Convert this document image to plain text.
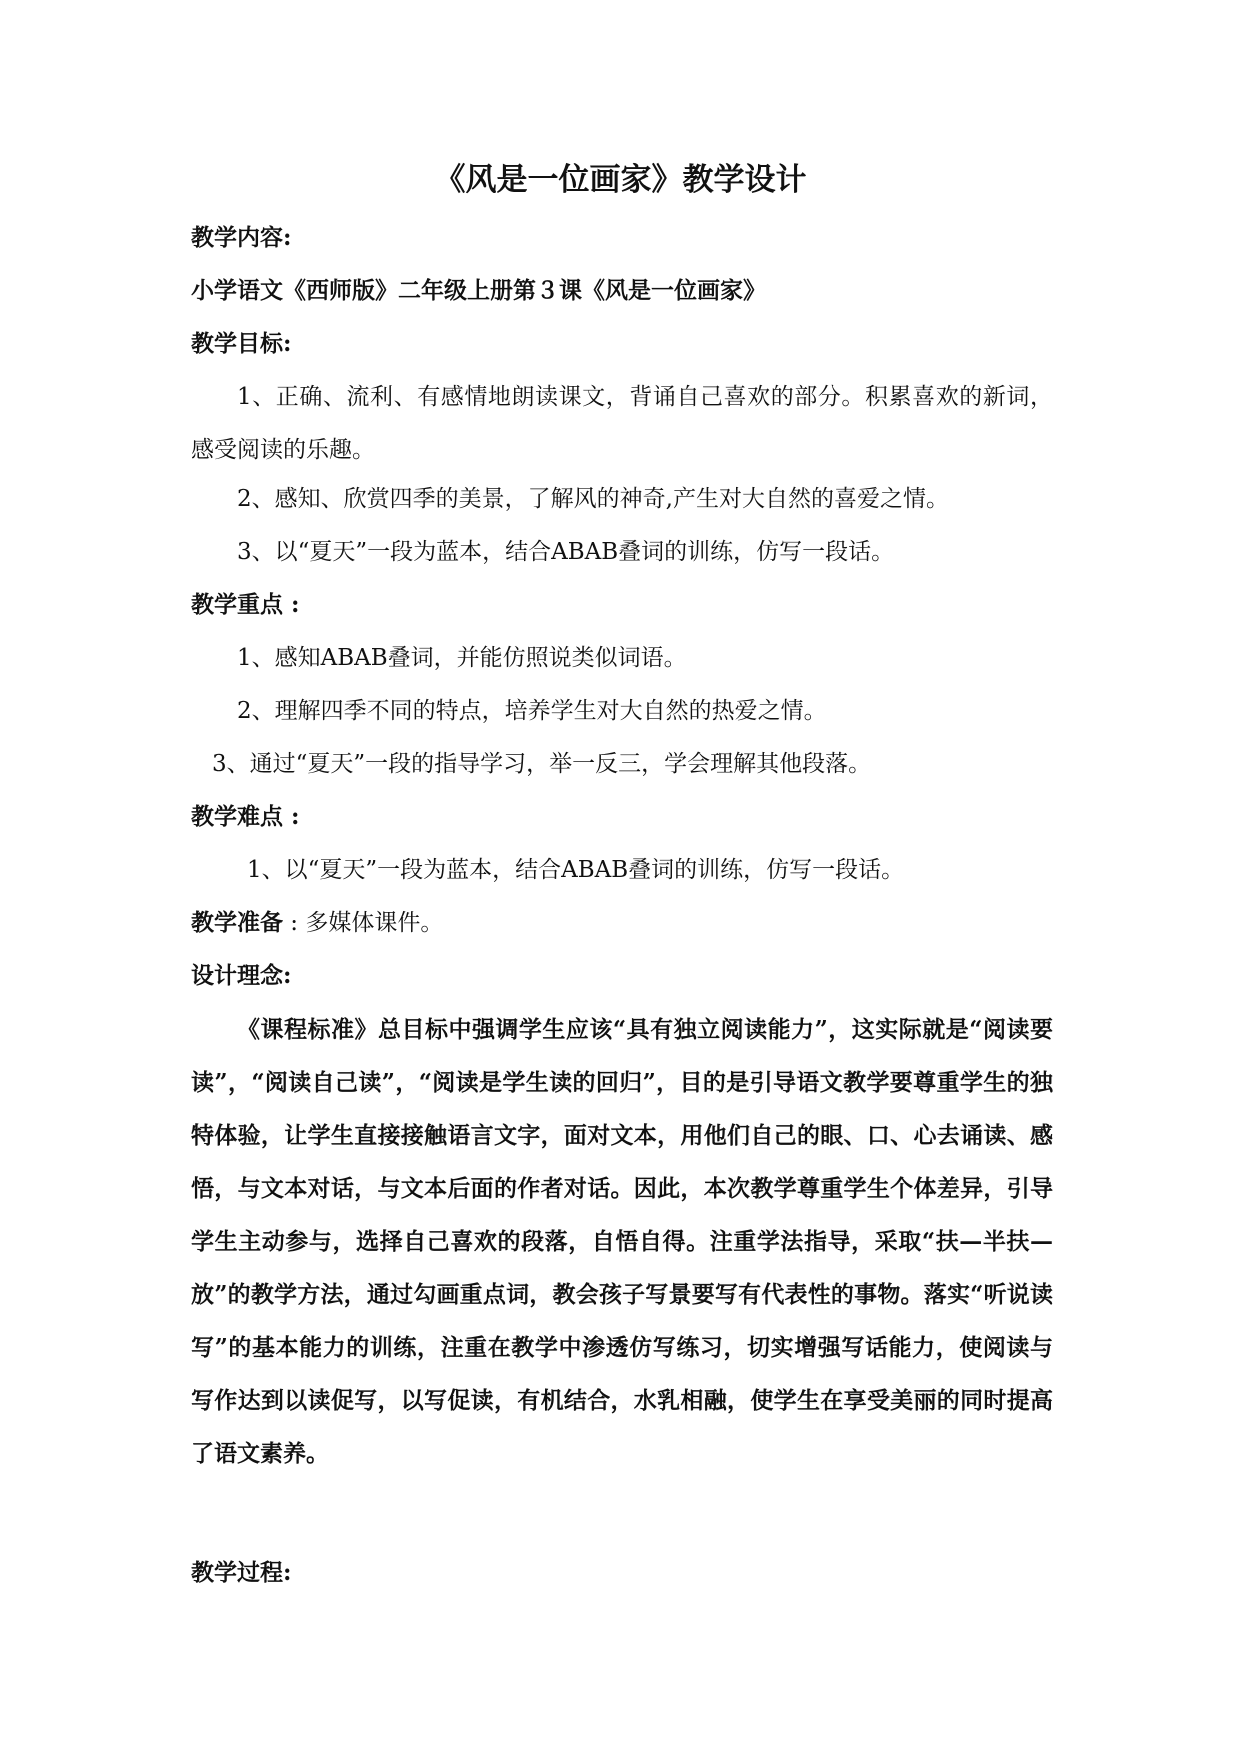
《风是一位画家》教学设计
教学内容:
小学语文《西师版》二年级上册第３课《风是一位画家》
教学目标:
1、正确、流利、有感情地朗读课文，背诵自己喜欢的部分。积累喜欢的新词，感受阅读的乐趣。
2、感知、欣赏四季的美景，了解风的神奇,产生对大自然的喜爱之情。
3、以“夏天”一段为蓝本，结合ABAB叠词的训练，仿写一段话。
教学重点 :
1、感知ABAB叠词，并能仿照说类似词语。
2、理解四季不同的特点，培养学生对大自然的热爱之情。
3、通过“夏天”一段的指导学习，举一反三，学会理解其他段落。
教学难点 :
1、以“夏天”一段为蓝本，结合ABAB叠词的训练，仿写一段话。
教学准备 : 多媒体课件。
设计理念:
《课程标准》总目标中强调学生应该“具有独立阅读能力”，这实际就是“阅读要读”，“阅读自己读”，“阅读是学生读的回归”，目的是引导语文教学要尊重学生的独特体验，让学生直接接触语言文字，面对文本，用他们自己的眼、口、心去诵读、感悟，与文本对话，与文本后面的作者对话。因此，本次教学尊重学生个体差异，引导学生主动参与，选择自己喜欢的段落，自悟自得。注重学法指导，采取“扶—半扶—放”的教学方法，通过勾画重点词，教会孩子写景要写有代表性的事物。落实“听说读写”的基本能力的训练，注重在教学中渗透仿写练习，切实增强写话能力，使阅读与写作达到以读促写，以写促读，有机结合，水乳相融，使学生在享受美丽的同时提高了语文素养。
教学过程:
